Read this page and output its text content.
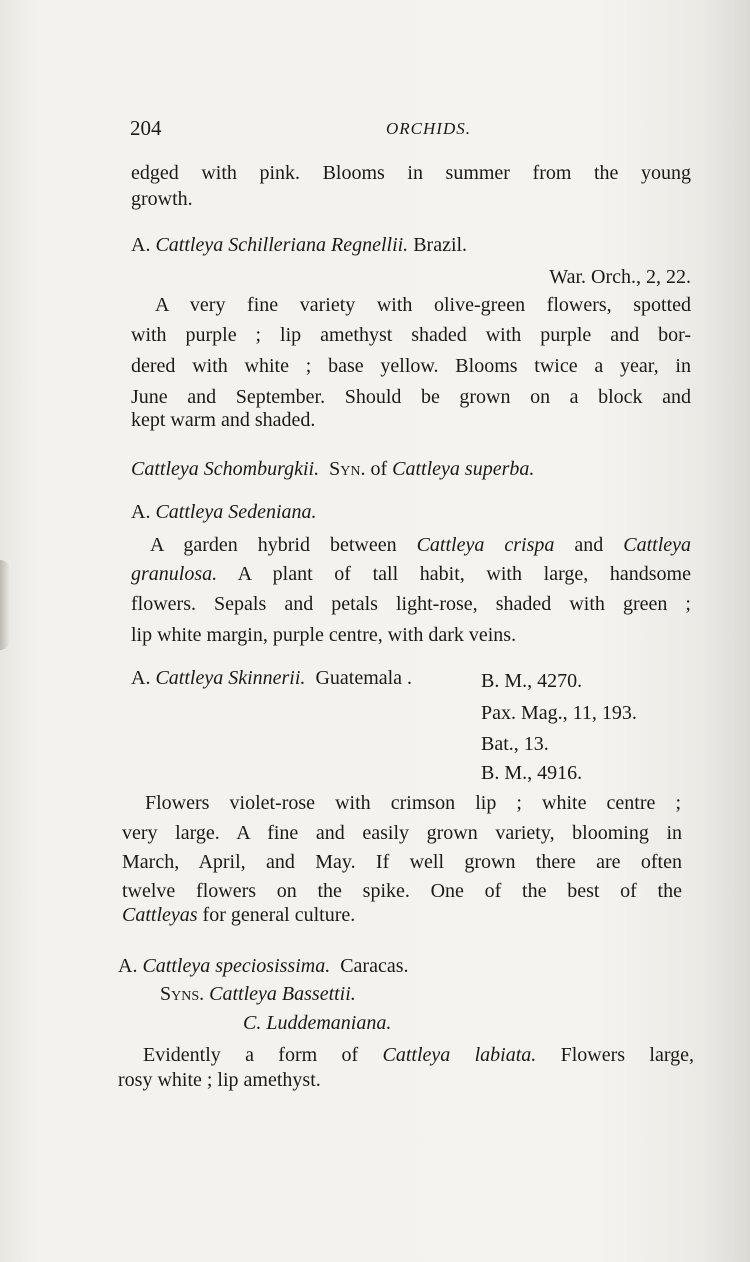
204	ORCHIDS.
edged with pink. Blooms in summer from the young
growth.
A. Cattleya Schilleriana Regnellii. Brazil.
War. Orch., 2, 22.
A very fine variety with olive-green flowers, spotted
with purple ; lip amethyst shaded with purple and bor-
dered with white ; base yellow. Blooms twice a year, in
June and September. Should be grown on a block and
kept warm and shaded.
Cattleya Schomburgkii. Syn. of Cattleya superba.
A. Cattleya Sedeniana.
A garden hybrid between Cattleya crispa and Cattleya
granulosa. A plant of tall habit, with large, handsome
flowers. Sepals and petals light-rose, shaded with green ;
lip white margin, purple centre, with dark veins.
A. Cattleya Skinnerii. Guatemala .	B. M., 4270.
Pax. Mag., 11, 193.
Bat., 13.
B. M., 4916.
Flowers violet-rose with crimson lip ; white centre ;
very large. A fine and easily grown variety, blooming in
March, April, and May. If well grown there are often
twelve flowers on the spike. One of the best of the
Cattleyas for general culture.
A. Cattleya speciosissima. Caracas.
Syns. Cattleya Bassettii.
C. Luddemaniana.
Evidently a form of Cattleya labiata. Flowers large,
rosy white ; lip amethyst.
